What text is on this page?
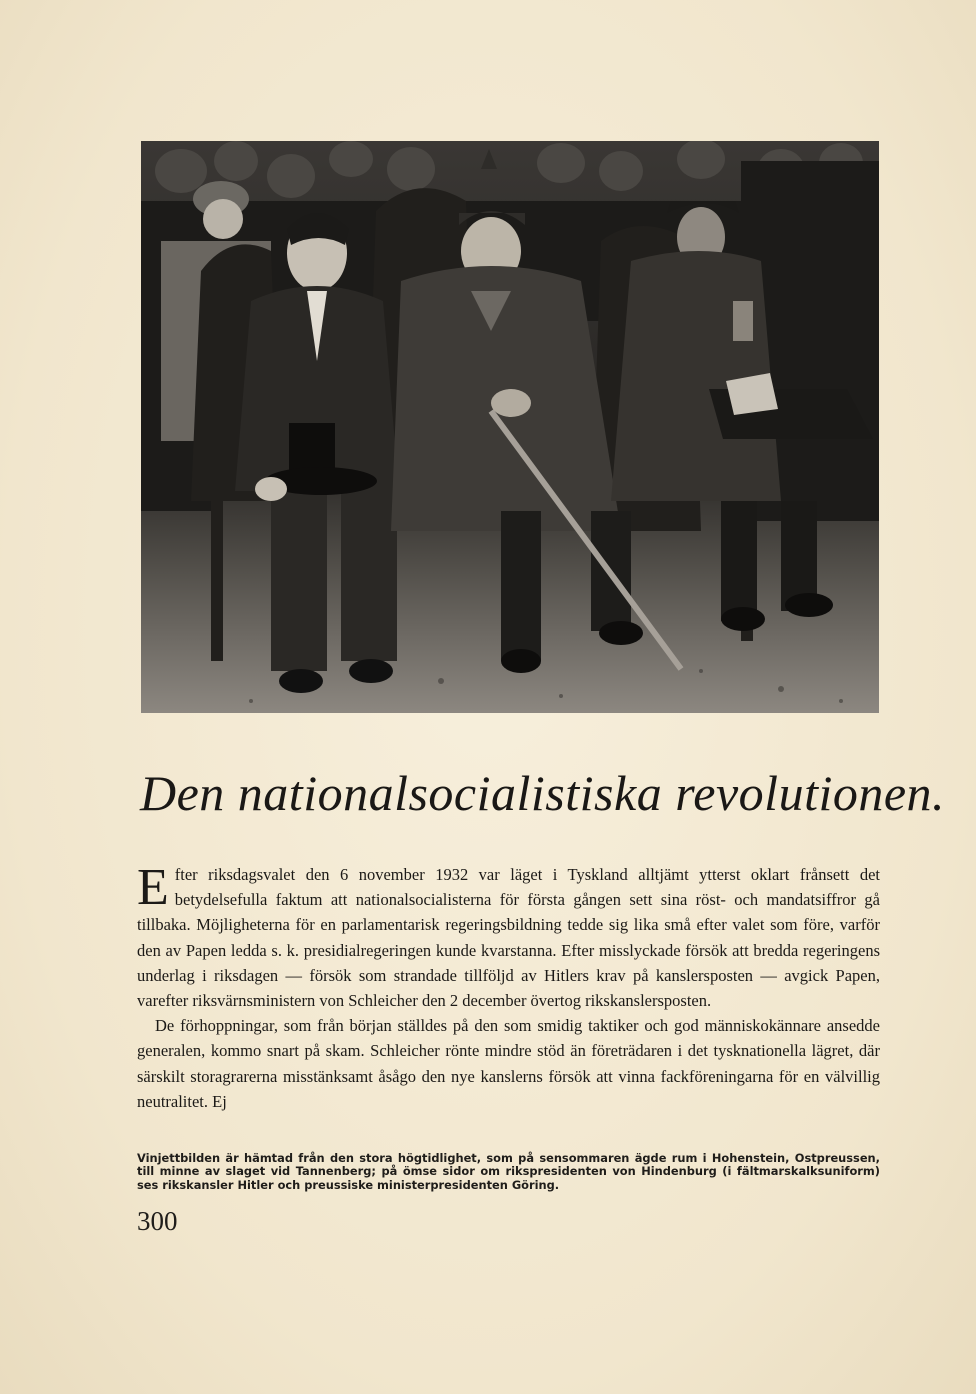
Den nationalsocialistiska revolutionen.

Efter riksdagsvalet den 6 november 1932 var läget i Tyskland alltjämt ytterst oklart frånsett det betydelsefulla faktum att nationalsocialisterna för första gången sett sina röst- och mandatsiffror gå tillbaka. Möjligheterna för en parlamentarisk regeringsbildning tedde sig lika små efter valet som före, varför den av Papen ledda s. k. presidialregeringen kunde kvarstanna. Efter misslyckade försök att bredda regeringens underlag i riksdagen — försök som strandade tillföljd av Hitlers krav på kanslersposten — avgick Papen, varefter riksvärnsministern von Schleicher den 2 december övertog rikskanslersposten.

De förhoppningar, som från början ställdes på den som smidig taktiker och god människokännare ansedde generalen, kommo snart på skam. Schleicher rönte mindre stöd än företrädaren i det tysknationella lägret, där särskilt storagrarerna misstänksamt åsågo den nye kanslerns försök att vinna fackföreningarna för en välvillig neutralitet. Ej

Vinjettbilden är hämtad från den stora högtidlighet, som på sensommaren ägde rum i Hohenstein, Ostpreussen, till minne av slaget vid Tannenberg; på ömse sidor om rikspresidenten von Hindenburg (i fältmarskalksuniform) ses rikskansler Hitler och preussiske ministerpresidenten Göring.
300
